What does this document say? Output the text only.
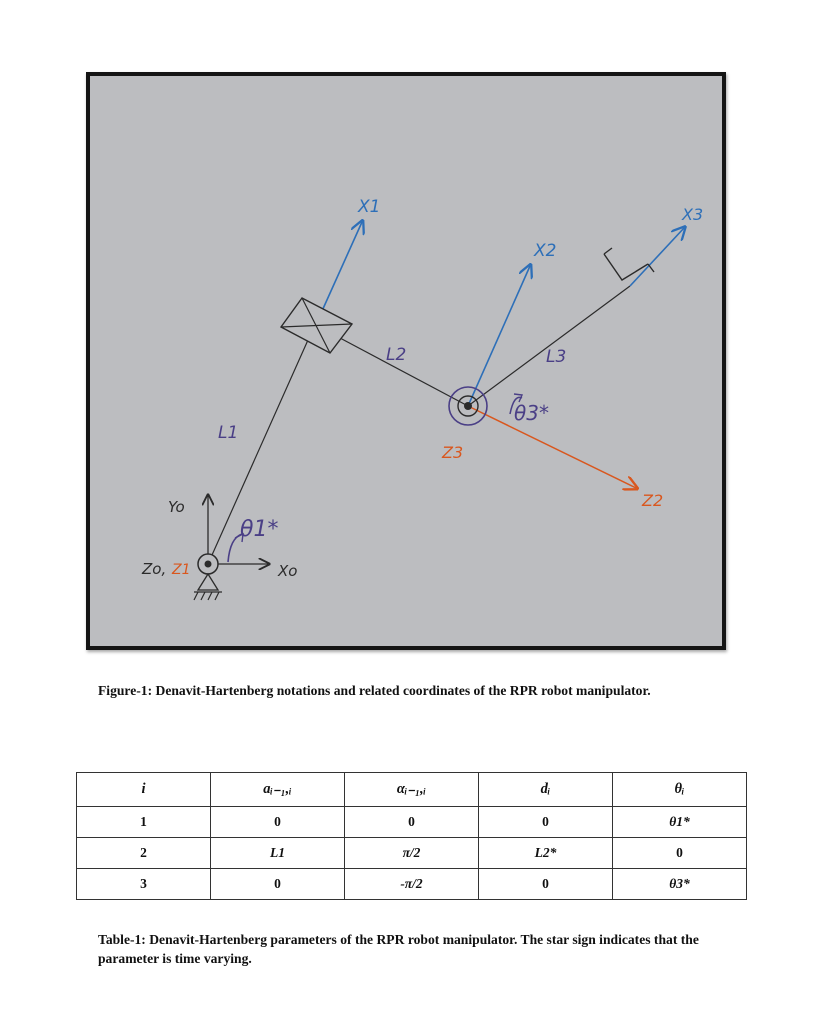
Yo
Xo
Zo, Z1
θ1*
L1
X1
L2
X2
Z3
θ3*
L3
X3
Z2
Figure-1: Denavit-Hartenberg notations and related coordinates of the RPR robot manipulator.
i	aᵢ₋₁,ᵢ	αᵢ₋₁,ᵢ	dᵢ	θᵢ
1	0	0	0	θ1*
2	L1	π/2	L2*	0
3	0	-π/2	0	θ3*
Table-1: Denavit-Hartenberg parameters of the RPR robot manipulator. The star sign indicates that the parameter is time varying.
